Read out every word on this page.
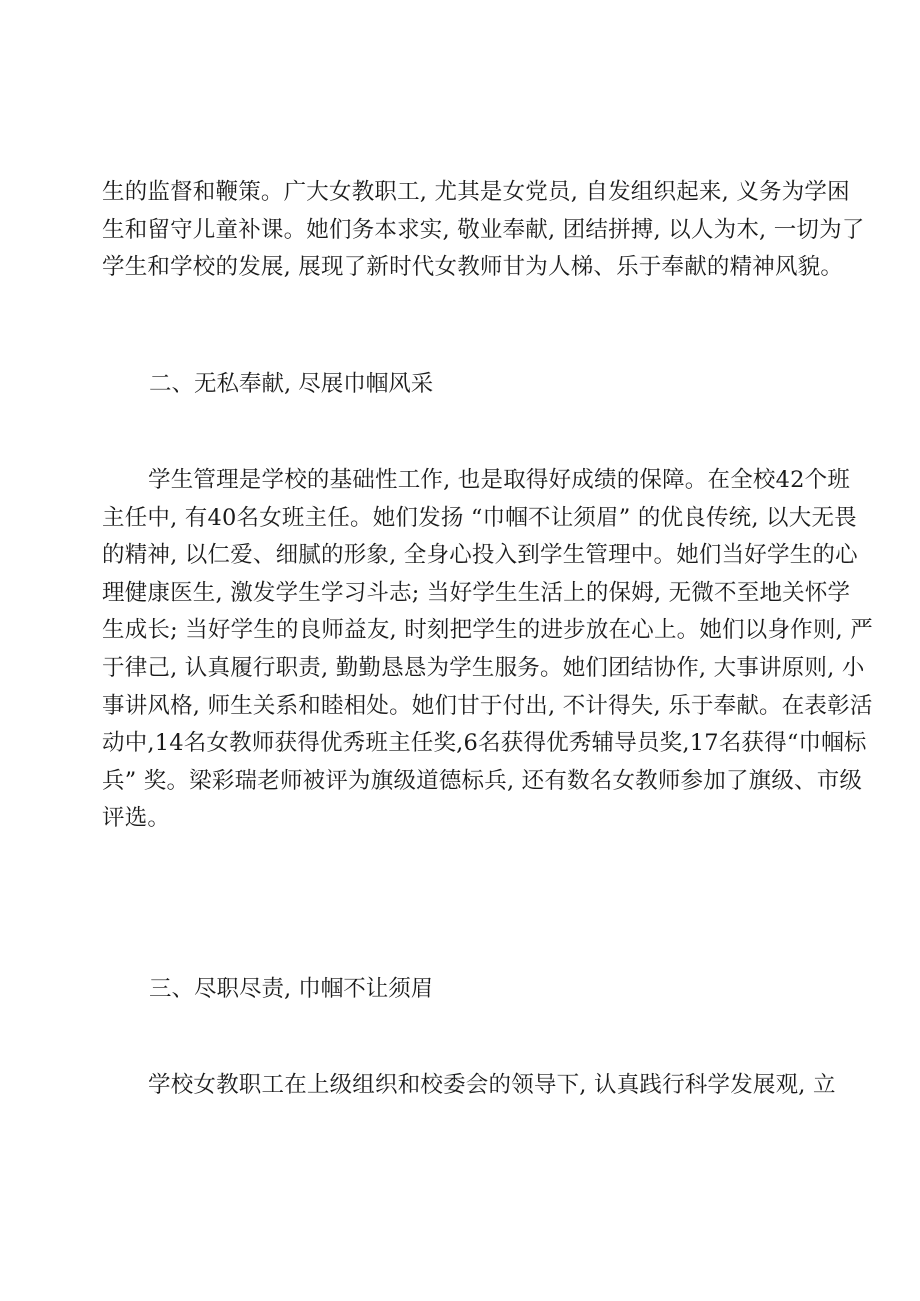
生的监督和鞭策。广大女教职工, 尤其是女党员, 自发组织起来, 义务为学困
生和留守儿童补课。她们务本求实, 敬业奉献, 团结拼搏, 以人为木, 一切为了
学生和学校的发展, 展现了新时代女教师甘为人梯、乐于奉献的精神风貌。
二、无私奉献, 尽展巾帼风采
学生管理是学校的基础性工作, 也是取得好成绩的保障。在全校42个班
主任中, 有40名女班主任。她们发扬 “巾帼不让须眉” 的优良传统, 以大无畏
的精神, 以仁爱、细腻的形象, 全身心投入到学生管理中。她们当好学生的心
理健康医生, 激发学生学习斗志; 当好学生生活上的保姆, 无微不至地关怀学
生成长; 当好学生的良师益友, 时刻把学生的进步放在心上。她们以身作则, 严
于律己, 认真履行职责, 勤勤恳恳为学生服务。她们团结协作, 大事讲原则, 小
事讲风格, 师生关系和睦相处。她们甘于付出, 不计得失, 乐于奉献。在表彰活
动中,14名女教师获得优秀班主任奖,6名获得优秀辅导员奖,17名获得“巾帼标
兵” 奖。梁彩瑞老师被评为旗级道德标兵, 还有数名女教师参加了旗级、市级
评选。
三、尽职尽责, 巾帼不让须眉
学校女教职工在上级组织和校委会的领导下, 认真践行科学发展观, 立
